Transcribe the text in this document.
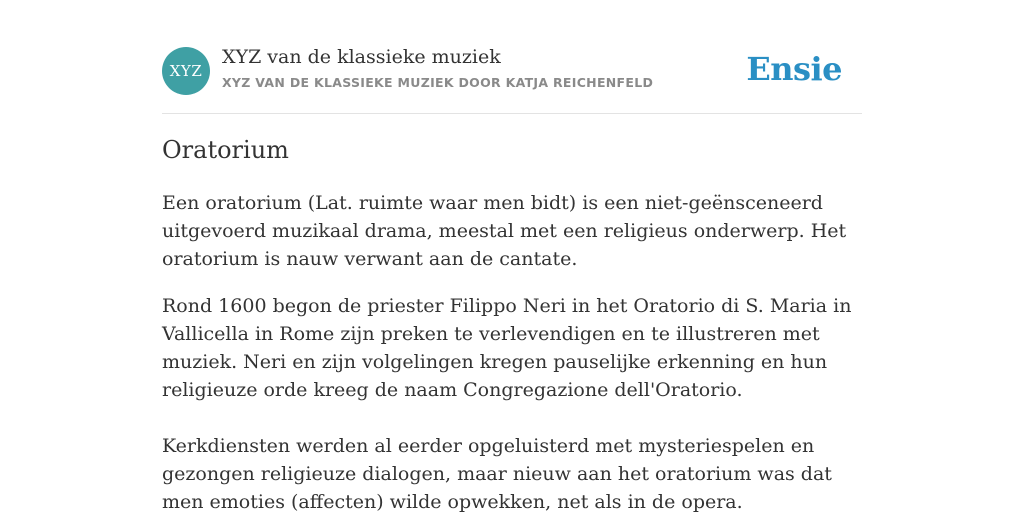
XYZ
XYZ van de klassieke muziek
XYZ VAN DE KLASSIEKE MUZIEK DOOR KATJA REICHENFELD	Ensie
Oratorium

Een oratorium (Lat. ruimte waar men bidt) is een niet-geënsceneerd uitgevoerd muzikaal drama, meestal met een religieus onderwerp. Het oratorium is nauw verwant aan de cantate.

Rond 1600 begon de priester Filippo Neri in het Oratorio di S. Maria in Vallicella in Rome zijn preken te verlevendigen en te illustreren met muziek. Neri en zijn volgelingen kregen pauselijke erkenning en hun religieuze orde kreeg de naam Congregazione dell'Oratorio.

Kerkdiensten werden al eerder opgeluisterd met mysteriespelen en gezongen religieuze dialogen, maar nieuw aan het oratorium was dat men emoties (affecten) wilde opwekken, net als in de opera.
